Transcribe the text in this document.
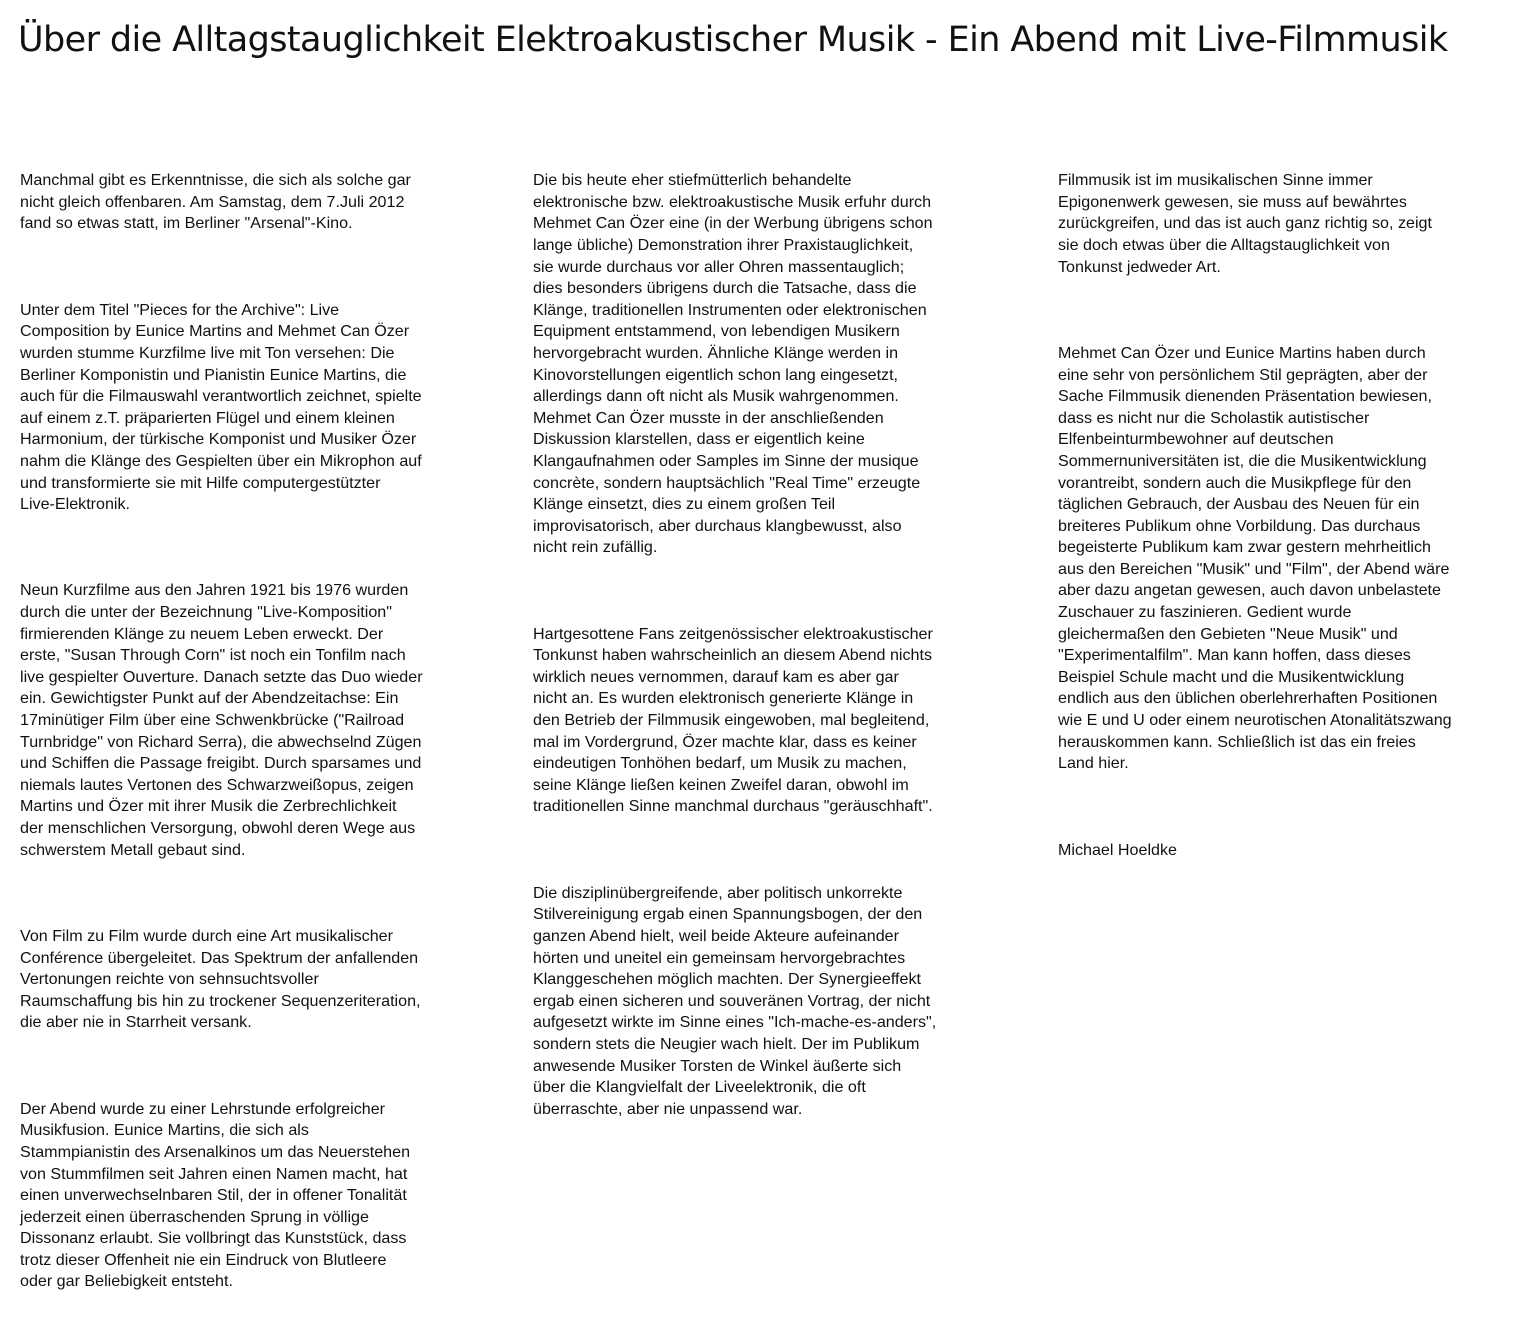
Über die Alltagstauglichkeit Elektroakustischer Musik - Ein Abend mit Live-Filmmusik

Manchmal gibt es Erkenntnisse, die sich als solche gar
nicht gleich offenbaren. Am Samstag, dem 7.Juli 2012
fand so etwas statt, im Berliner "Arsenal"-Kino.

Unter dem Titel "Pieces for the Archive": Live
Composition by Eunice Martins and Mehmet Can Özer
wurden stumme Kurzfilme live mit Ton versehen: Die
Berliner Komponistin und Pianistin Eunice Martins, die
auch für die Filmauswahl verantwortlich zeichnet, spielte
auf einem z.T. präparierten Flügel und einem kleinen
Harmonium, der türkische Komponist und Musiker Özer
nahm die Klänge des Gespielten über ein Mikrophon auf
und transformierte sie mit Hilfe computergestützter
Live-Elektronik.

Neun Kurzfilme aus den Jahren 1921 bis 1976 wurden
durch die unter der Bezeichnung "Live-Komposition"
firmierenden Klänge zu neuem Leben erweckt. Der
erste, "Susan Through Corn" ist noch ein Tonfilm nach
live gespielter Ouverture. Danach setzte das Duo wieder
ein. Gewichtigster Punkt auf der Abendzeitachse: Ein
17minütiger Film über eine Schwenkbrücke ("Railroad
Turnbridge" von Richard Serra), die abwechselnd Zügen
und Schiffen die Passage freigibt. Durch sparsames und
niemals lautes Vertonen des Schwarzweißopus, zeigen
Martins und Özer mit ihrer Musik die Zerbrechlichkeit
der menschlichen Versorgung, obwohl deren Wege aus
schwerstem Metall gebaut sind.

Von Film zu Film wurde durch eine Art musikalischer
Conférence übergeleitet. Das Spektrum der anfallenden
Vertonungen reichte von sehnsuchtsvoller
Raumschaffung bis hin zu trockener Sequenzeriteration,
die aber nie in Starrheit versank.

Der Abend wurde zu einer Lehrstunde erfolgreicher
Musikfusion. Eunice Martins, die sich als
Stammpianistin des Arsenalkinos um das Neuerstehen
von Stummfilmen seit Jahren einen Namen macht, hat
einen unverwechselnbaren Stil, der in offener Tonalität
jederzeit einen überraschenden Sprung in völlige
Dissonanz erlaubt. Sie vollbringt das Kunststück, dass
trotz dieser Offenheit nie ein Eindruck von Blutleere
oder gar Beliebigkeit entsteht.

Die bis heute eher stiefmütterlich behandelte
elektronische bzw. elektroakustische Musik erfuhr durch
Mehmet Can Özer eine (in der Werbung übrigens schon
lange übliche) Demonstration ihrer Praxistauglichkeit,
sie wurde durchaus vor aller Ohren massentauglich;
dies besonders übrigens durch die Tatsache, dass die
Klänge, traditionellen Instrumenten oder elektronischen
Equipment entstammend, von lebendigen Musikern
hervorgebracht wurden. Ähnliche Klänge werden in
Kinovorstellungen eigentlich schon lang eingesetzt,
allerdings dann oft nicht als Musik wahrgenommen.
Mehmet Can Özer musste in der anschließenden
Diskussion klarstellen, dass er eigentlich keine
Klangaufnahmen oder Samples im Sinne der musique
concrète, sondern hauptsächlich "Real Time" erzeugte
Klänge einsetzt, dies zu einem großen Teil
improvisatorisch, aber durchaus klangbewusst, also
nicht rein zufällig.

Hartgesottene Fans zeitgenössischer elektroakustischer
Tonkunst haben wahrscheinlich an diesem Abend nichts
wirklich neues vernommen, darauf kam es aber gar
nicht an. Es wurden elektronisch generierte Klänge in
den Betrieb der Filmmusik eingewoben, mal begleitend,
mal im Vordergrund, Özer machte klar, dass es keiner
eindeutigen Tonhöhen bedarf, um Musik zu machen,
seine Klänge ließen keinen Zweifel daran, obwohl im
traditionellen Sinne manchmal durchaus "geräuschhaft".

Die disziplinübergreifende, aber politisch unkorrekte
Stilvereinigung ergab einen Spannungsbogen, der den
ganzen Abend hielt, weil beide Akteure aufeinander
hörten und uneitel ein gemeinsam hervorgebrachtes
Klanggeschehen möglich machten. Der Synergieeffekt
ergab einen sicheren und souveränen Vortrag, der nicht
aufgesetzt wirkte im Sinne eines "Ich-mache-es-anders",
sondern stets die Neugier wach hielt. Der im Publikum
anwesende Musiker Torsten de Winkel äußerte sich
über die Klangvielfalt der Liveelektronik, die oft
überraschte, aber nie unpassend war.

Filmmusik ist im musikalischen Sinne immer
Epigonenwerk gewesen, sie muss auf bewährtes
zurückgreifen, und das ist auch ganz richtig so, zeigt
sie doch etwas über die Alltagstauglichkeit von
Tonkunst jedweder Art.

Mehmet Can Özer und Eunice Martins haben durch
eine sehr von persönlichem Stil geprägten, aber der
Sache Filmmusik dienenden Präsentation bewiesen,
dass es nicht nur die Scholastik autistischer
Elfenbeinturmbewohner auf deutschen
Sommernuniversitäten ist, die die Musikentwicklung
vorantreibt, sondern auch die Musikpflege für den
täglichen Gebrauch, der Ausbau des Neuen für ein
breiteres Publikum ohne Vorbildung. Das durchaus
begeisterte Publikum kam zwar gestern mehrheitlich
aus den Bereichen "Musik" und "Film", der Abend wäre
aber dazu angetan gewesen, auch davon unbelastete
Zuschauer zu faszinieren. Gedient wurde
gleichermaßen den Gebieten "Neue Musik" und
"Experimentalfilm". Man kann hoffen, dass dieses
Beispiel Schule macht und die Musikentwicklung
endlich aus den üblichen oberlehrerhaften Positionen
wie E und U oder einem neurotischen Atonalitätszwang
herauskommen kann. Schließlich ist das ein freies
Land hier.

Michael Hoeldke
